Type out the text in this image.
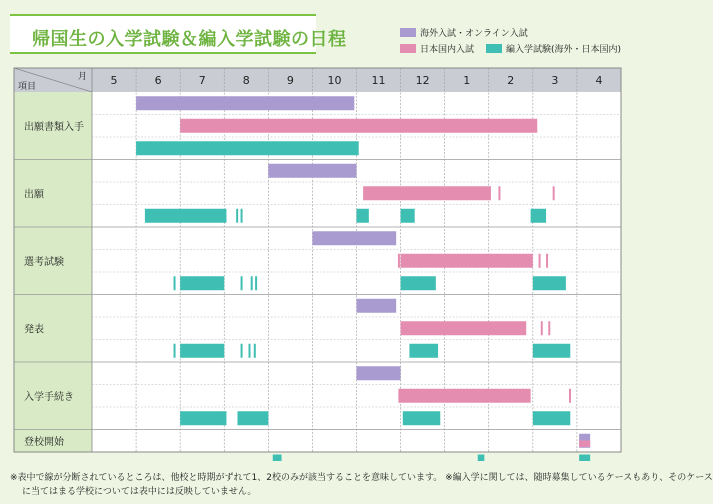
帰国生の入学試験＆編入学試験の日程	海外入試・オンライン入試
日本国内入試	編入学試験(海外・日本国内)
5	6	7	8	9	10	11	12	1	2	3	4
月
項目
出願書類入手
出願
選考試験
発表
入学手続き
登校開始
※表中で線が分断されているところは、他校と時期がずれて1、2校のみが該当することを意味しています。 ※編入学に関しては、随時募集しているケースもあり、そのケース
に当てはまる学校については表中には反映していません。
